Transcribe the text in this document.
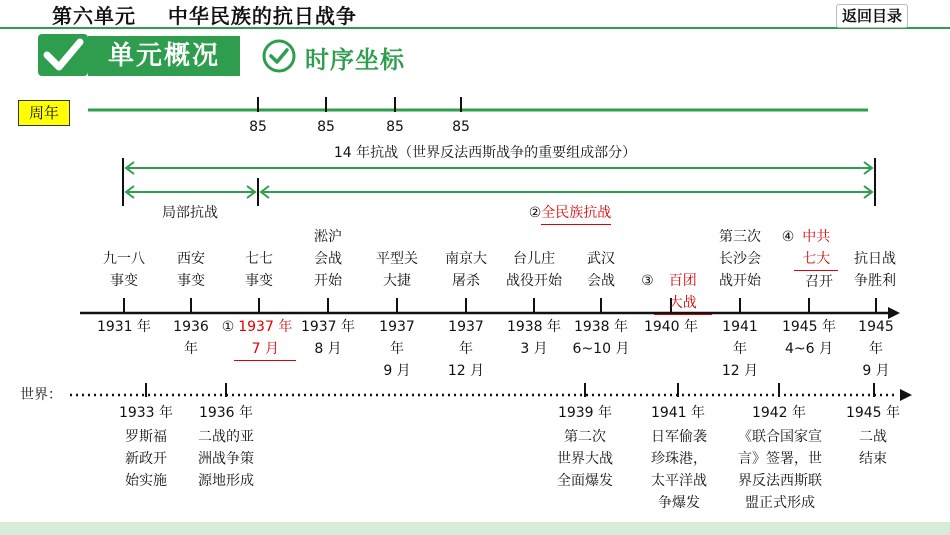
第六单元    中华民族的抗日战争	返回目录
单元概况	时序坐标
周年
85	85	85	85
14 年抗战（世界反法西斯战争的重要组成部分）
局部抗战	②全民族抗战
九一八
事变
西安
事变
七七
事变
淞沪
会战
开始
平型关
大捷
南京大
屠杀
台儿庄
战役开始
武汉
会战	③ 百团
大战

第三次
长沙会
战开始
④ 中共
七大
召开
抗日战
争胜利
1931 年	1936
年
① 1937 年
7 月
1937 年
8 月
1937
年
9 月
1937
年
12 月
1938 年
3 月
1938 年
6~10 月
1940 年	1941
年
12 月
1945 年
4~6 月
1945
年
9 月
世界：
1933 年
罗斯福
新政开
始实施
1936 年
二战的亚
洲战争策
源地形成
1939 年
第二次
世界大战
全面爆发
1941 年
日军偷袭
珍珠港，
太平洋战
争爆发
1942 年
《联合国家宣
言》签署，世
界反法西斯联
盟正式形成
1945 年
二战
结束
